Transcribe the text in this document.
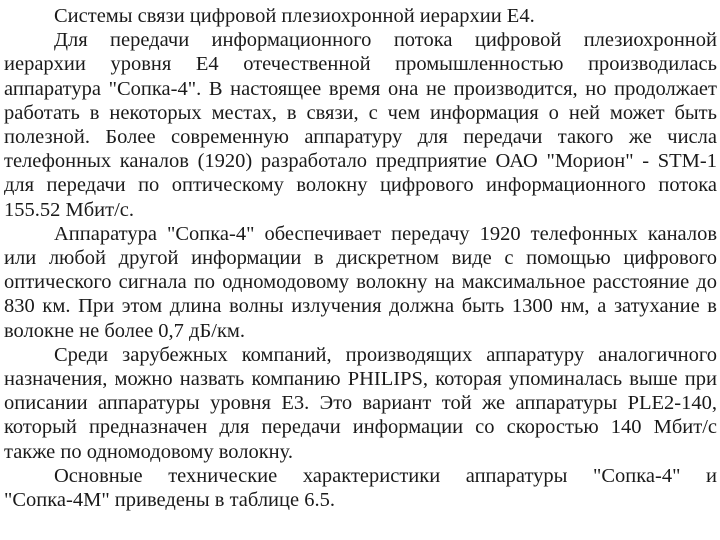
Системы связи цифровой плезиохронной иерархии Е4.

Для передачи информационного потока цифровой плезиохронной иерархии уровня Е4 отечественной промышленностью производилась аппаратура "Сопка-4". В настоящее время она не производится, но продолжает работать в некоторых местах, в связи, с чем информация о ней может быть полезной. Более современную аппаратуру для передачи такого же числа телефонных каналов (1920) разработало предприятие ОАО "Морион" - STM-1 для передачи по оптическому волокну цифрового информационного потока 155.52 Мбит/с.

Аппаратура "Сопка-4" обеспечивает передачу 1920 телефонных каналов или любой другой информации в дискретном виде с помощью цифрового оптического сигнала по одномодовому волокну на максимальное расстояние до 830 км. При этом длина волны излучения должна быть 1300 нм, а затухание в волокне не более 0,7 дБ/км.

Среди зарубежных компаний, производящих аппаратуру аналогичного назначения, можно назвать компанию PHILIPS, которая упоминалась выше при описании аппаратуры уровня Е3. Это вариант той же аппаратуры PLE2-140, который предназначен для передачи информации со скоростью 140 Мбит/с также по одномодовому волокну.

Основные технические характеристики аппаратуры "Сопка-4" и "Сопка-4М" приведены в таблице 6.5.
